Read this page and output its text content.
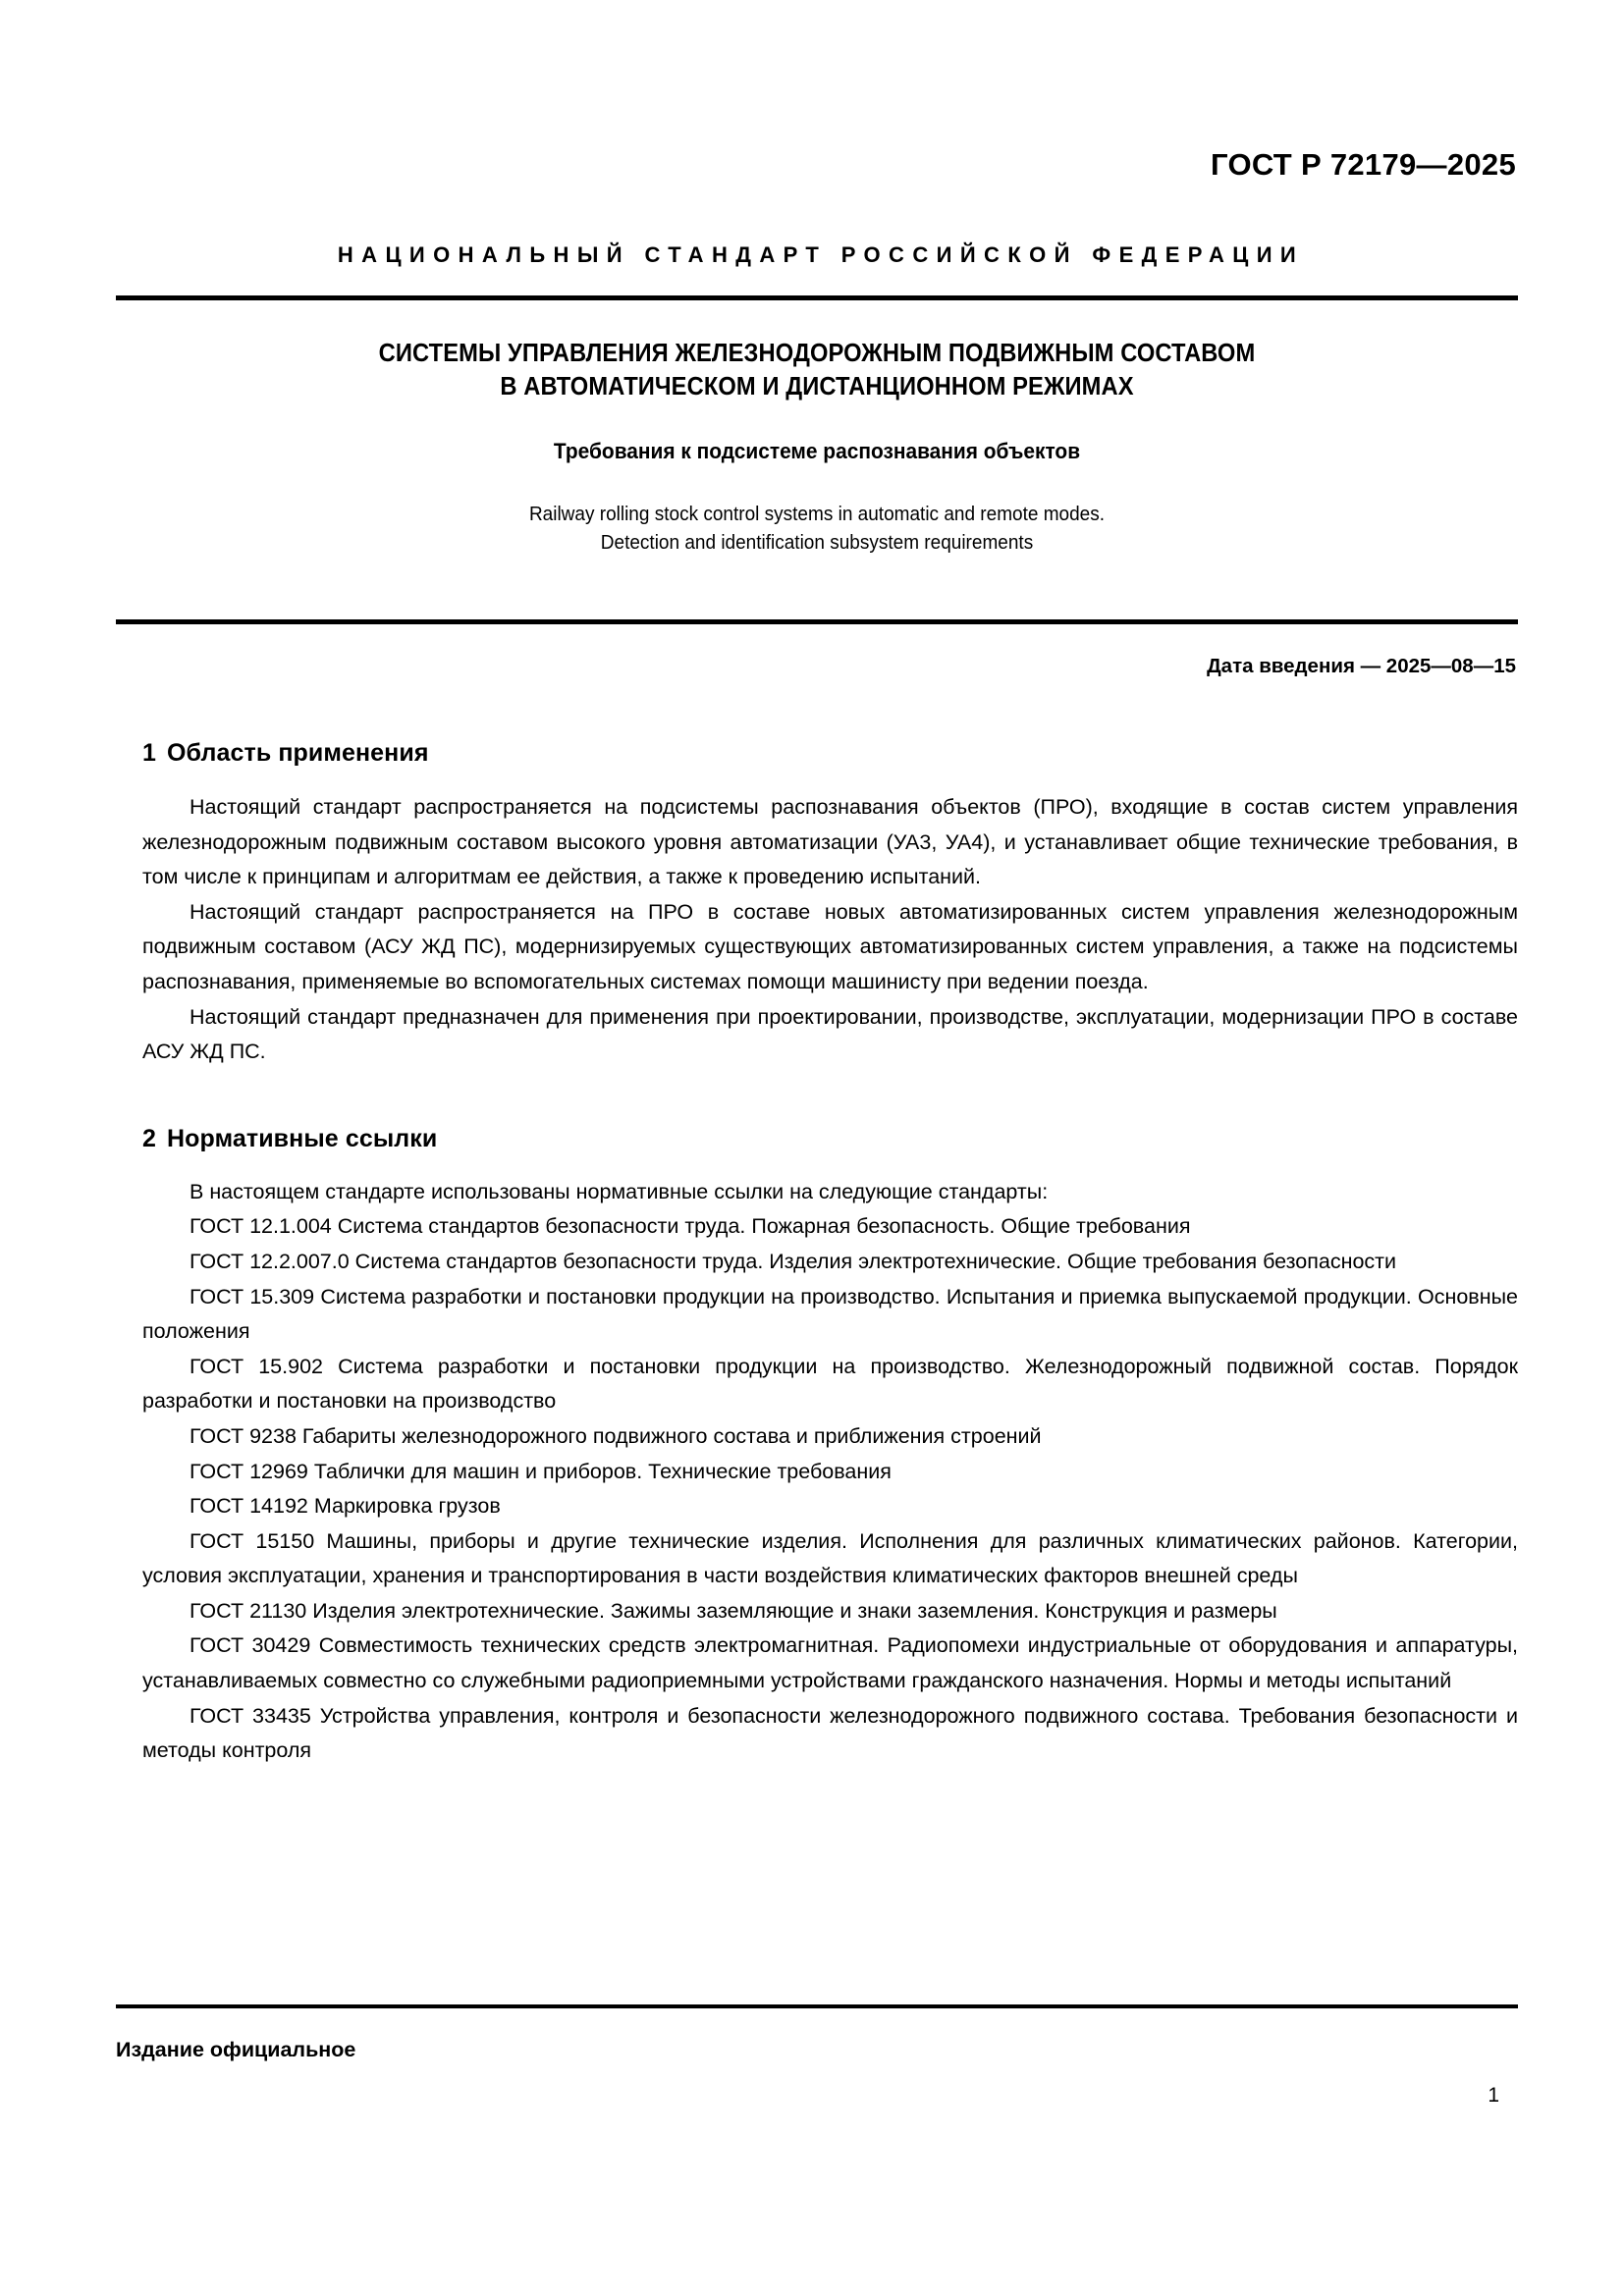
ГОСТ Р 72179—2025
НАЦИОНАЛЬНЫЙ СТАНДАРТ РОССИЙСКОЙ ФЕДЕРАЦИИ
СИСТЕМЫ УПРАВЛЕНИЯ ЖЕЛЕЗНОДОРОЖНЫМ ПОДВИЖНЫМ СОСТАВОМ
В АВТОМАТИЧЕСКОМ И ДИСТАНЦИОННОМ РЕЖИМАХ
Требования к подсистеме распознавания объектов
Railway rolling stock control systems in automatic and remote modes.
Detection and identification subsystem requirements
Дата введения — 2025—08—15
1 Область применения

Настоящий стандарт распространяется на подсистемы распознавания объектов (ПРО), входящие в состав систем управления железнодорожным подвижным составом высокого уровня автоматизации (УА3, УА4), и устанавливает общие технические требования, в том числе к принципам и алгоритмам ее действия, а также к проведению испытаний.

Настоящий стандарт распространяется на ПРО в составе новых автоматизированных систем управления железнодорожным подвижным составом (АСУ ЖД ПС), модернизируемых существующих автоматизированных систем управления, а также на подсистемы распознавания, применяемые во вспомогательных системах помощи машинисту при ведении поезда.

Настоящий стандарт предназначен для применения при проектировании, производстве, эксплуатации, модернизации ПРО в составе АСУ ЖД ПС.

2 Нормативные ссылки

В настоящем стандарте использованы нормативные ссылки на следующие стандарты:

ГОСТ 12.1.004 Система стандартов безопасности труда. Пожарная безопасность. Общие требования

ГОСТ 12.2.007.0 Система стандартов безопасности труда. Изделия электротехнические. Общие требования безопасности

ГОСТ 15.309 Система разработки и постановки продукции на производство. Испытания и приемка выпускаемой продукции. Основные положения

ГОСТ 15.902 Система разработки и постановки продукции на производство. Железнодорожный подвижной состав. Порядок разработки и постановки на производство

ГОСТ 9238 Габариты железнодорожного подвижного состава и приближения строений

ГОСТ 12969 Таблички для машин и приборов. Технические требования

ГОСТ 14192 Маркировка грузов

ГОСТ 15150 Машины, приборы и другие технические изделия. Исполнения для различных климатических районов. Категории, условия эксплуатации, хранения и транспортирования в части воздействия климатических факторов внешней среды

ГОСТ 21130 Изделия электротехнические. Зажимы заземляющие и знаки заземления. Конструкция и размеры

ГОСТ 30429 Совместимость технических средств электромагнитная. Радиопомехи индустриальные от оборудования и аппаратуры, устанавливаемых совместно со служебными радиоприемными устройствами гражданского назначения. Нормы и методы испытаний

ГОСТ 33435 Устройства управления, контроля и безопасности железнодорожного подвижного состава. Требования безопасности и методы контроля

Издание официальное
1
